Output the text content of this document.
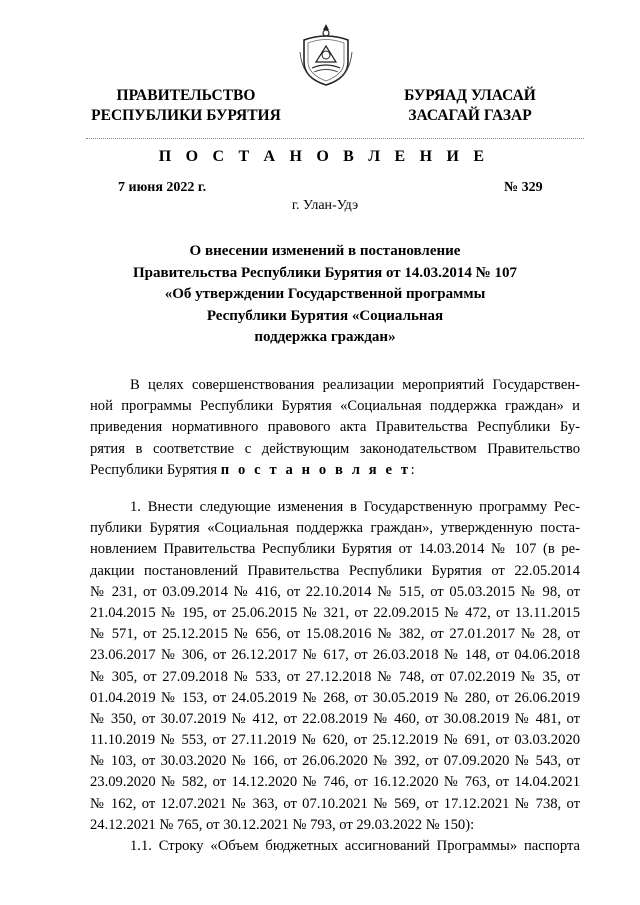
ПРАВИТЕЛЬСТВО
РЕСПУБЛИКИ БУРЯТИЯ
БУРЯАД УЛАСАЙ
ЗАСАГАЙ ГАЗАР
П О С Т А Н О В Л Е Н И Е
7 июня 2022 г.	№ 329
г. Улан-Удэ
О внесении изменений в постановление
Правительства Республики Бурятия от 14.03.2014 № 107
«Об утверждении Государственной программы
Республики Бурятия «Социальная
поддержка граждан»
В целях совершенствования реализации мероприятий Государствен-
ной программы Республики Бурятия «Социальная поддержка граждан» и
приведения нормативного правового акта Правительства Республики Бу-
рятия в соответствие с действующим законодательством Правительство
Республики Бурятия п о с т а н о в л я е т:
1. Внести следующие изменения в Государственную программу Рес-
публики Бурятия «Социальная поддержка граждан», утвержденную поста-
новлением Правительства Республики Бурятия от 14.03.2014 № 107 (в ре-
дакции постановлений Правительства Республики Бурятия от 22.05.2014
№ 231, от 03.09.2014 № 416, от 22.10.2014 № 515, от 05.03.2015 № 98, от
21.04.2015 № 195, от 25.06.2015 № 321, от 22.09.2015 № 472, от 13.11.2015
№ 571, от 25.12.2015 № 656, от 15.08.2016 № 382, от 27.01.2017 № 28, от
23.06.2017 № 306, от 26.12.2017 № 617, от 26.03.2018 № 148, от 04.06.2018
№ 305, от 27.09.2018 № 533, от 27.12.2018 № 748, от 07.02.2019 № 35, от
01.04.2019 № 153, от 24.05.2019 № 268, от 30.05.2019 № 280, от 26.06.2019
№ 350, от 30.07.2019 № 412, от 22.08.2019 № 460, от 30.08.2019 № 481, от
11.10.2019 № 553, от 27.11.2019 № 620, от 25.12.2019 № 691, от 03.03.2020
№ 103, от 30.03.2020 № 166, от 26.06.2020 № 392, от 07.09.2020 № 543, от
23.09.2020 № 582, от 14.12.2020 № 746, от 16.12.2020 № 763, от 14.04.2021
№ 162, от 12.07.2021 № 363, от 07.10.2021 № 569, от 17.12.2021 № 738, от
24.12.2021 № 765, от 30.12.2021 № 793, от 29.03.2022 № 150):
1.1. Строку «Объем бюджетных ассигнований Программы» паспорта
